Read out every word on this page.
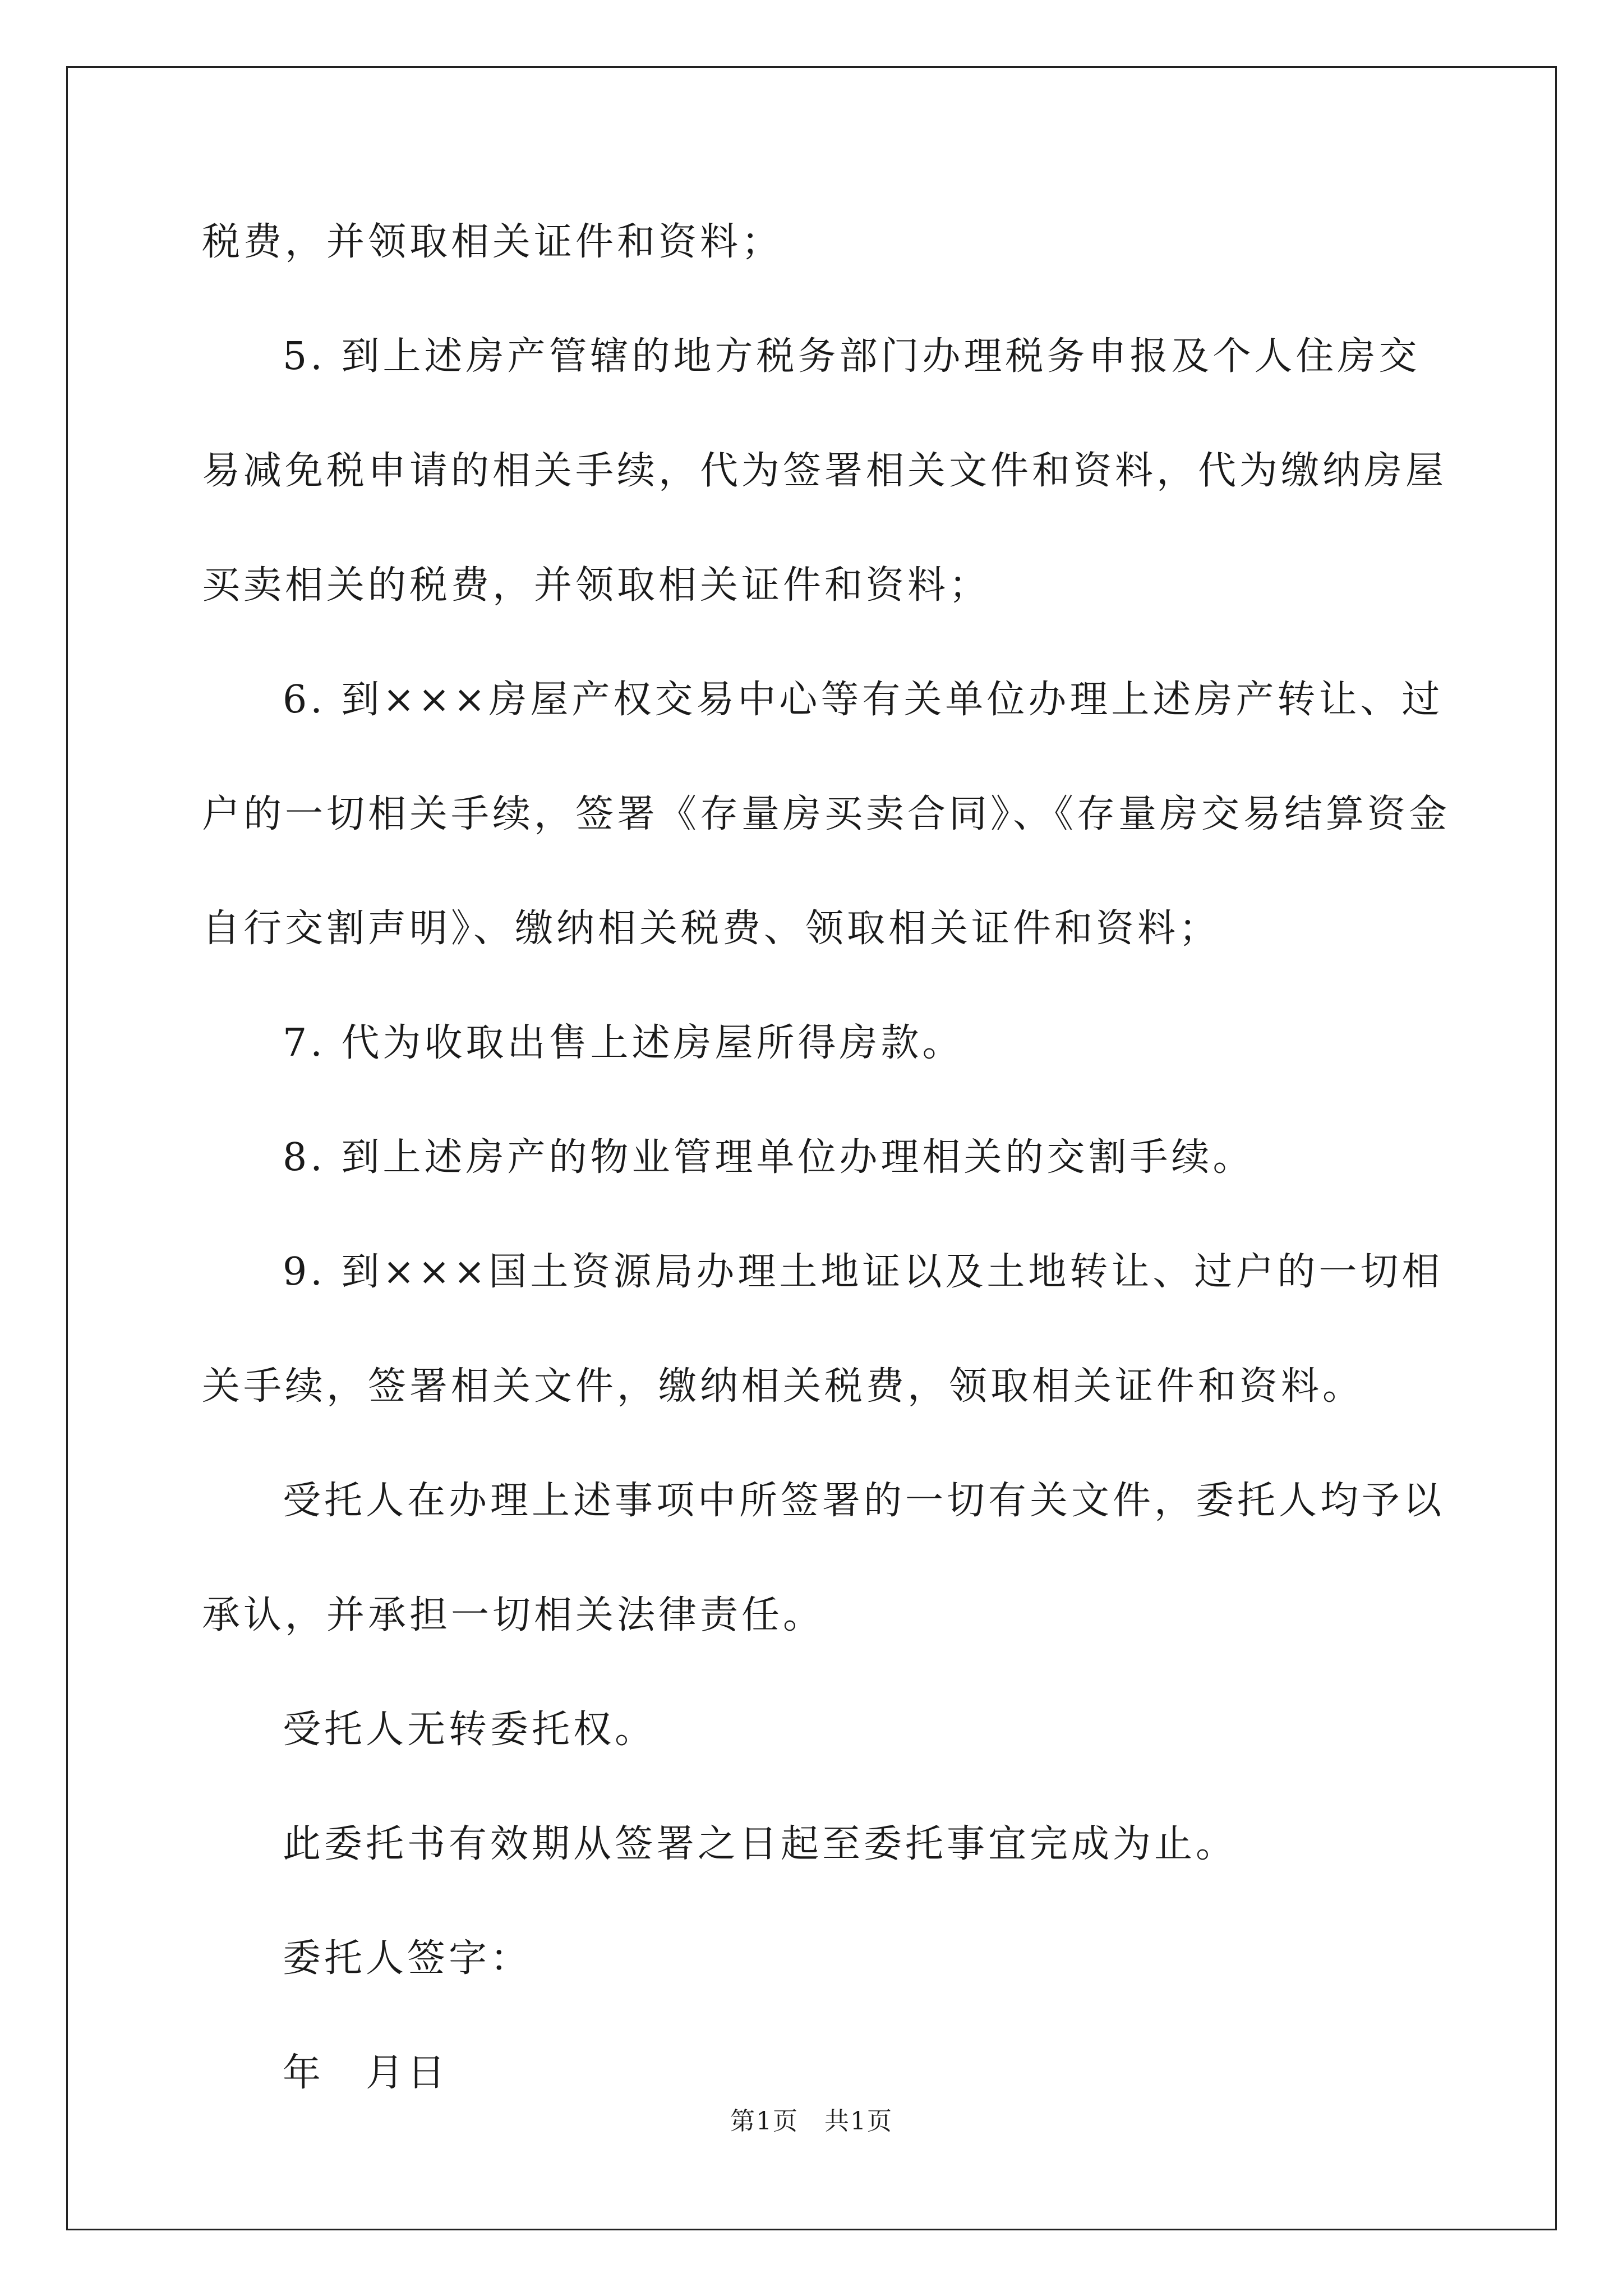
税费，并领取相关证件和资料；

5. 到上述房产管辖的地方税务部门办理税务申报及个人住房交
易减免税申请的相关手续，代为签署相关文件和资料，代为缴纳房屋
买卖相关的税费，并领取相关证件和资料；

6. 到×××房屋产权交易中心等有关单位办理上述房产转让、过
户的一切相关手续，签署《存量房买卖合同》、《存量房交易结算资金
自行交割声明》、缴纳相关税费、领取相关证件和资料；

7. 代为收取出售上述房屋所得房款。

8. 到上述房产的物业管理单位办理相关的交割手续。

9. 到×××国土资源局办理土地证以及土地转让、过户的一切相
关手续，签署相关文件，缴纳相关税费，领取相关证件和资料。

受托人在办理上述事项中所签署的一切有关文件，委托人均予以
承认，并承担一切相关法律责任。

受托人无转委托权。

此委托书有效期从签署之日起至委托事宜完成为止。

委托人签字：

年　月日

第1页　共1页
